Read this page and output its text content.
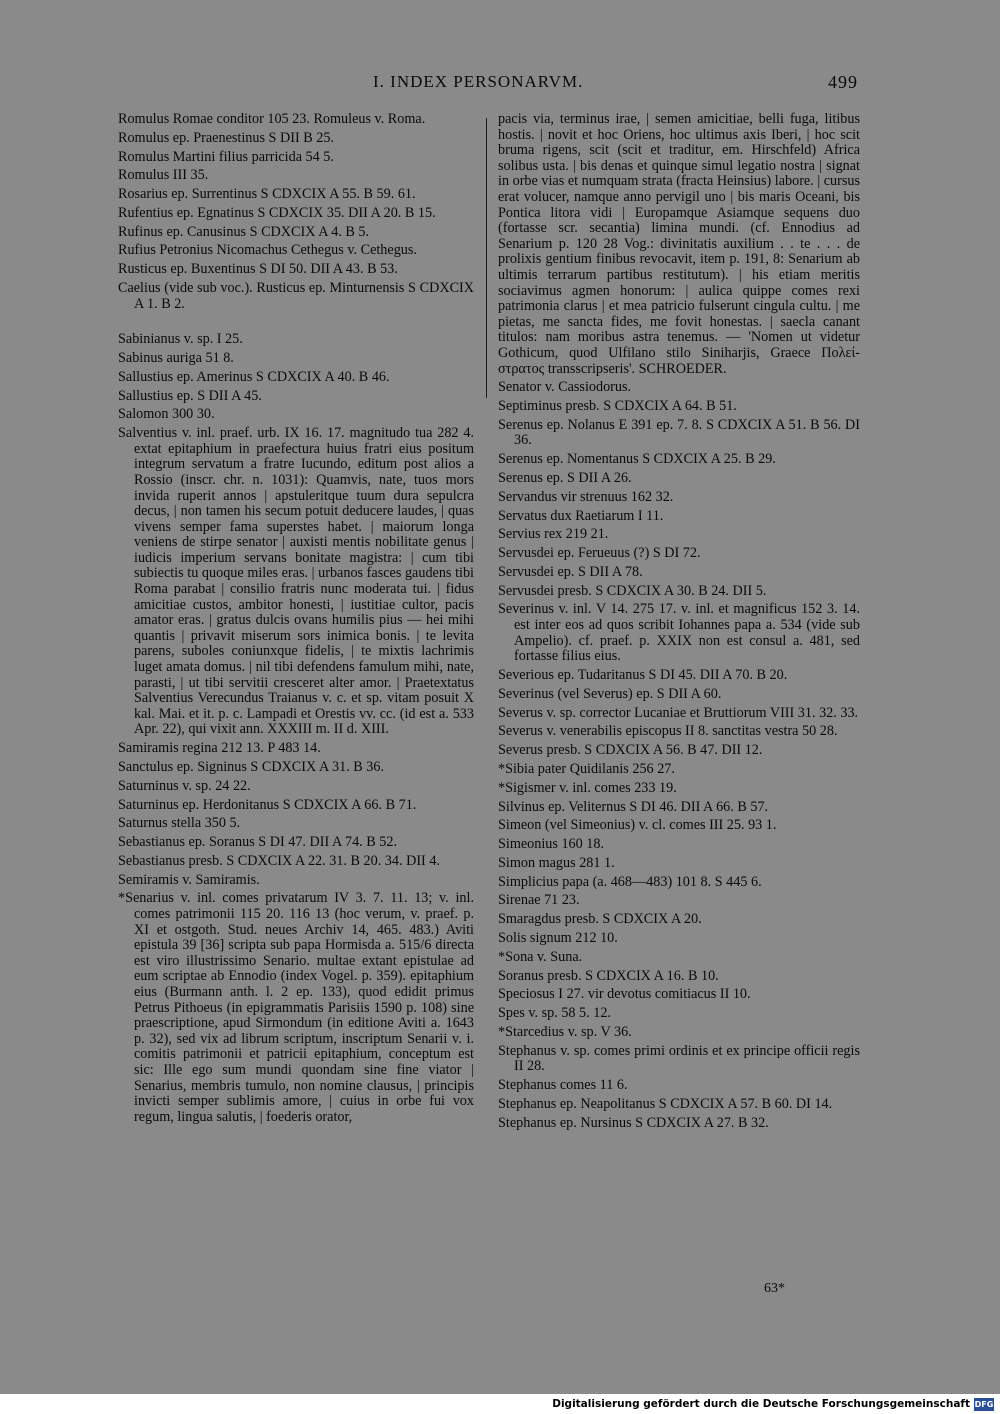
I. INDEX PERSONARVM.	499

Romulus Romae conditor 105 23. Romuleus v. Roma.

Romulus ep. Praenestinus S DII B 25.

Romulus Martini filius parricida 54 5.

Romulus III 35.

Rosarius ep. Surrentinus S CDXCIX A 55. B 59. 61.

Rufentius ep. Egnatinus S CDXCIX 35. DII A 20. B 15.

Rufinus ep. Canusinus S CDXCIX A 4. B 5.

Rufius Petronius Nicomachus Cethegus v. Cethegus.

Rusticus ep. Buxentinus S DI 50. DII A 43. B 53.

Caelius (vide sub voc.). Rusticus ep. Minturnensis S CDXCIX A 1. B 2.

Sabinianus v. sp. I 25.

Sabinus auriga 51 8.

Sallustius ep. Amerinus S CDXCIX A 40. B 46.

Sallustius ep. S DII A 45.

Salomon 300 30.

Salventius v. inl. praef. urb. IX 16. 17. magnitudo tua 282 4. extat epitaphium in praefectura huius fratri eius positum integrum servatum a fratre Iucundo, editum post alios a Rossio (inscr. chr. n. 1031): Quamvis, nate, tuos mors invida ruperit annos | apstuleritque tuum dura sepulcra decus, | non tamen his secum potuit deducere laudes, | quas vivens semper fama superstes habet. | maiorum longa veniens de stirpe senator | auxisti mentis nobilitate genus | iudicis imperium servans bonitate magistra: | cum tibi subiectis tu quoque miles eras. | urbanos fasces gaudens tibi Roma parabat | consilio fratris nunc moderata tui. | fidus amicitiae custos, ambitor honesti, | iustitiae cultor, pacis amator eras. | gratus dulcis ovans humilis pius — hei mihi quantis | privavit miserum sors inimica bonis. | te levita parens, suboles coniunxque fidelis, | te mixtis lachrimis luget amata domus. | nil tibi defendens famulum mihi, nate, parasti, | ut tibi servitii cresceret alter amor. | Praetextatus Salventius Verecundus Traianus v. c. et sp. vitam posuit X kal. Mai. et it. p. c. Lampadi et Orestis vv. cc. (id est a. 533 Apr. 22), qui vixit ann. XXXIII m. II d. XIII.

Samiramis regina 212 13. P 483 14.

Sanctulus ep. Signinus S CDXCIX A 31. B 36.

Saturninus v. sp. 24 22.

Saturninus ep. Herdonitanus S CDXCIX A 66. B 71.

Saturnus stella 350 5.

Sebastianus ep. Soranus S DI 47. DII A 74. B 52.

Sebastianus presb. S CDXCIX A 22. 31. B 20. 34. DII 4.

Semiramis v. Samiramis.

*Senarius v. inl. comes privatarum IV 3. 7. 11. 13; v. inl. comes patrimonii 115 20. 116 13 (hoc verum, v. praef. p. XI et ostgoth. Stud. neues Archiv 14, 465. 483.) Aviti epistula 39 [36] scripta sub papa Hormisda a. 515/6 directa est viro illustrissimo Senario. multae extant epistulae ad eum scriptae ab Ennodio (index Vogel. p. 359). epitaphium eius (Burmann anth. l. 2 ep. 133), quod edidit primus Petrus Pithoeus (in epigrammatis Parisiis 1590 p. 108) sine praescriptione, apud Sirmondum (in editione Aviti a. 1643 p. 32), sed vix ad librum scriptum, inscriptum Senarii v. i. comitis patrimonii et patricii epitaphium, conceptum est sic: Ille ego sum mundi quondam sine fine viator | Senarius, membris tumulo, non nomine clausus, | principis invicti semper sublimis amore, | cuius in orbe fui vox regum, lingua salutis, | foederis orator,

pacis via, terminus irae, | semen amicitiae, belli fuga, litibus hostis. | novit et hoc Oriens, hoc ultimus axis Iberi, | hoc scit bruma rigens, scit (scit et traditur, em. Hirschfeld) Africa solibus usta. | bis denas et quinque simul legatio nostra | signat in orbe vias et numquam strata (fracta Heinsius) labore. | cursus erat volucer, namque anno pervigil uno | bis maris Oceani, bis Pontica litora vidi | Europamque Asiamque sequens duo (fortasse scr. secantia) limina mundi. (cf. Ennodius ad Senarium p. 120 28 Vog.: divinitatis auxilium . . te . . . de prolixis gentium finibus revocavit, item p. 191, 8: Senarium ab ultimis terrarum partibus restitutum). | his etiam meritis sociavimus agmen honorum: | aulica quippe comes rexi patrimonia clarus | et mea patricio fulserunt cingula cultu. | me pietas, me sancta fides, me fovit honestas. | saecla canant titulos: nam moribus astra tenemus. — 'Nomen ut videtur Gothicum, quod Ulfilano stilo Siniharjis, Graece Πολεί-στρατος transscripseris'. SCHROEDER.

Senator v. Cassiodorus.

Septiminus presb. S CDXCIX A 64. B 51.

Serenus ep. Nolanus E 391 ep. 7. 8. S CDXCIX A 51. B 56. DI 36.

Serenus ep. Nomentanus S CDXCIX A 25. B 29.

Serenus ep. S DII A 26.

Servandus vir strenuus 162 32.

Servatus dux Raetiarum I 11.

Servius rex 219 21.

Servusdei ep. Ferueuus (?) S DI 72.

Servusdei ep. S DII A 78.

Servusdei presb. S CDXCIX A 30. B 24. DII 5.

Severinus v. inl. V 14. 275 17. v. inl. et magnificus 152 3. 14. est inter eos ad quos scribit Iohannes papa a. 534 (vide sub Ampelio). cf. praef. p. XXIX non est consul a. 481, sed fortasse filius eius.

Severious ep. Tudaritanus S DI 45. DII A 70. B 20.

Severinus (vel Severus) ep. S DII A 60.

Severus v. sp. corrector Lucaniae et Bruttiorum VIII 31. 32. 33.

Severus v. venerabilis episcopus II 8. sanctitas vestra 50 28.

Severus presb. S CDXCIX A 56. B 47. DII 12.

*Sibia pater Quidilanis 256 27.

*Sigismer v. inl. comes 233 19.

Silvinus ep. Veliternus S DI 46. DII A 66. B 57.

Simeon (vel Simeonius) v. cl. comes III 25. 93 1.

Simeonius 160 18.

Simon magus 281 1.

Simplicius papa (a. 468—483) 101 8. S 445 6.

Sirenae 71 23.

Smaragdus presb. S CDXCIX A 20.

Solis signum 212 10.

*Sona v. Suna.

Soranus presb. S CDXCIX A 16. B 10.

Speciosus I 27. vir devotus comitiacus II 10.

Spes v. sp. 58 5. 12.

*Starcedius v. sp. V 36.

Stephanus v. sp. comes primi ordinis et ex principe officii regis II 28.

Stephanus comes 11 6.

Stephanus ep. Neapolitanus S CDXCIX A 57. B 60. DI 14.

Stephanus ep. Nursinus S CDXCIX A 27. B 32.

63*
Digitalisierung gefördert durch die Deutsche Forschungsgemeinschaft DFG
